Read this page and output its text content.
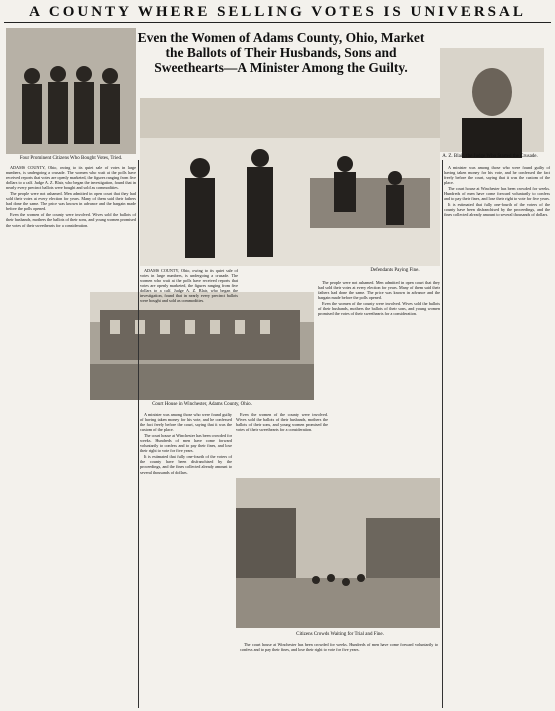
A COUNTY WHERE SELLING VOTES IS UNIVERSAL
Four Prominent Citizens Who Bought Votes, Tried.
Even the Women of Adams County, Ohio, Market the Ballots of Their Husbands, Sons and Sweethearts—A Minister Among the Guilty.
A. Z. Blair, the Judge Who Started the Crusade.
Defendants Paying Fine.

ADAMS COUNTY, Ohio, owing to its quiet sale of votes in large numbers, is undergoing a crusade. The women who wait at the polls have received reports that votes are openly marketed, the figures ranging from five dollars to a calf. Judge A. Z. Blair, who began the investigation, found that in nearly every precinct ballots were bought and sold as commodities.

The people were not ashamed. Men admitted in open court that they had sold their votes at every election for years. Many of them said their fathers had done the same. The price was known in advance and the bargain made before the polls opened.

Even the women of the county were involved. Wives sold the ballots of their husbands, mothers the ballots of their sons, and young women promised the votes of their sweethearts for a consideration.

A minister was among those who were found guilty of having taken money for his vote, and he confessed the fact freely before the court, saying that it was the custom of the place.

The court house at Winchester has been crowded for weeks. Hundreds of men have come forward voluntarily to confess and to pay their fines, and lose their right to vote for five years.

It is estimated that fully one-fourth of the voters of the county have been disfranchised by the proceedings, and the fines collected already amount to several thousands of dollars.

Court House in Winchester, Adams County, Ohio.

ADAMS COUNTY, Ohio, owing to its quiet sale of votes in large numbers, is undergoing a crusade. The women who wait at the polls have received reports that votes are openly marketed, the figures ranging from five dollars to a calf. Judge A. Z. Blair, who began the investigation, found that in nearly every precinct ballots were bought and sold as commodities.

The people were not ashamed. Men admitted in open court that they had sold their votes at every election for years. Many of them said their fathers had done the same. The price was known in advance and the bargain made before the polls opened.

Even the women of the county were involved. Wives sold the ballots of their husbands, mothers the ballots of their sons, and young women promised the votes of their sweethearts for a consideration.

A minister was among those who were found guilty of having taken money for his vote, and he confessed the fact freely before the court, saying that it was the custom of the place.

The court house at Winchester has been crowded for weeks. Hundreds of men have come forward voluntarily to confess and to pay their fines, and lose their right to vote for five years.

It is estimated that fully one-fourth of the voters of the county have been disfranchised by the proceedings, and the fines collected already amount to several thousands of dollars.

Even the women of the county were involved. Wives sold the ballots of their husbands, mothers the ballots of their sons, and young women promised the votes of their sweethearts for a consideration.

Citizens Crowds Waiting for Trial and Fine.

The court house at Winchester has been crowded for weeks. Hundreds of men have come forward voluntarily to confess and to pay their fines, and lose their right to vote for five years.
